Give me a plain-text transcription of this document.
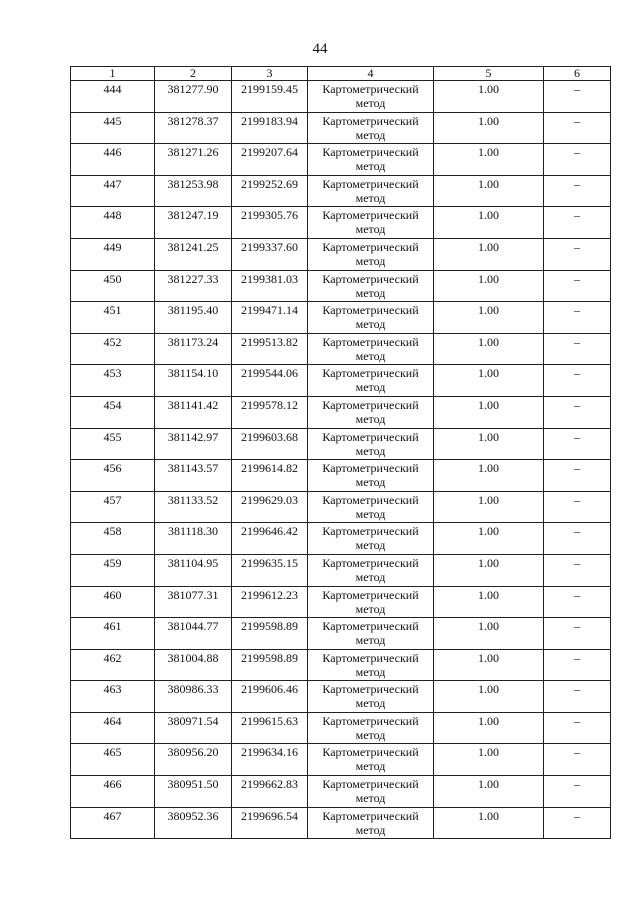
44
1	2	3	4	5	6
444	381277.90	2199159.45	Картометрический метод	1.00	–
445	381278.37	2199183.94	Картометрический метод	1.00	–
446	381271.26	2199207.64	Картометрический метод	1.00	–
447	381253.98	2199252.69	Картометрический метод	1.00	–
448	381247.19	2199305.76	Картометрический метод	1.00	–
449	381241.25	2199337.60	Картометрический метод	1.00	–
450	381227.33	2199381.03	Картометрический метод	1.00	–
451	381195.40	2199471.14	Картометрический метод	1.00	–
452	381173.24	2199513.82	Картометрический метод	1.00	–
453	381154.10	2199544.06	Картометрический метод	1.00	–
454	381141.42	2199578.12	Картометрический метод	1.00	–
455	381142.97	2199603.68	Картометрический метод	1.00	–
456	381143.57	2199614.82	Картометрический метод	1.00	–
457	381133.52	2199629.03	Картометрический метод	1.00	–
458	381118.30	2199646.42	Картометрический метод	1.00	–
459	381104.95	2199635.15	Картометрический метод	1.00	–
460	381077.31	2199612.23	Картометрический метод	1.00	–
461	381044.77	2199598.89	Картометрический метод	1.00	–
462	381004.88	2199598.89	Картометрический метод	1.00	–
463	380986.33	2199606.46	Картометрический метод	1.00	–
464	380971.54	2199615.63	Картометрический метод	1.00	–
465	380956.20	2199634.16	Картометрический метод	1.00	–
466	380951.50	2199662.83	Картометрический метод	1.00	–
467	380952.36	2199696.54	Картометрический метод	1.00	–
